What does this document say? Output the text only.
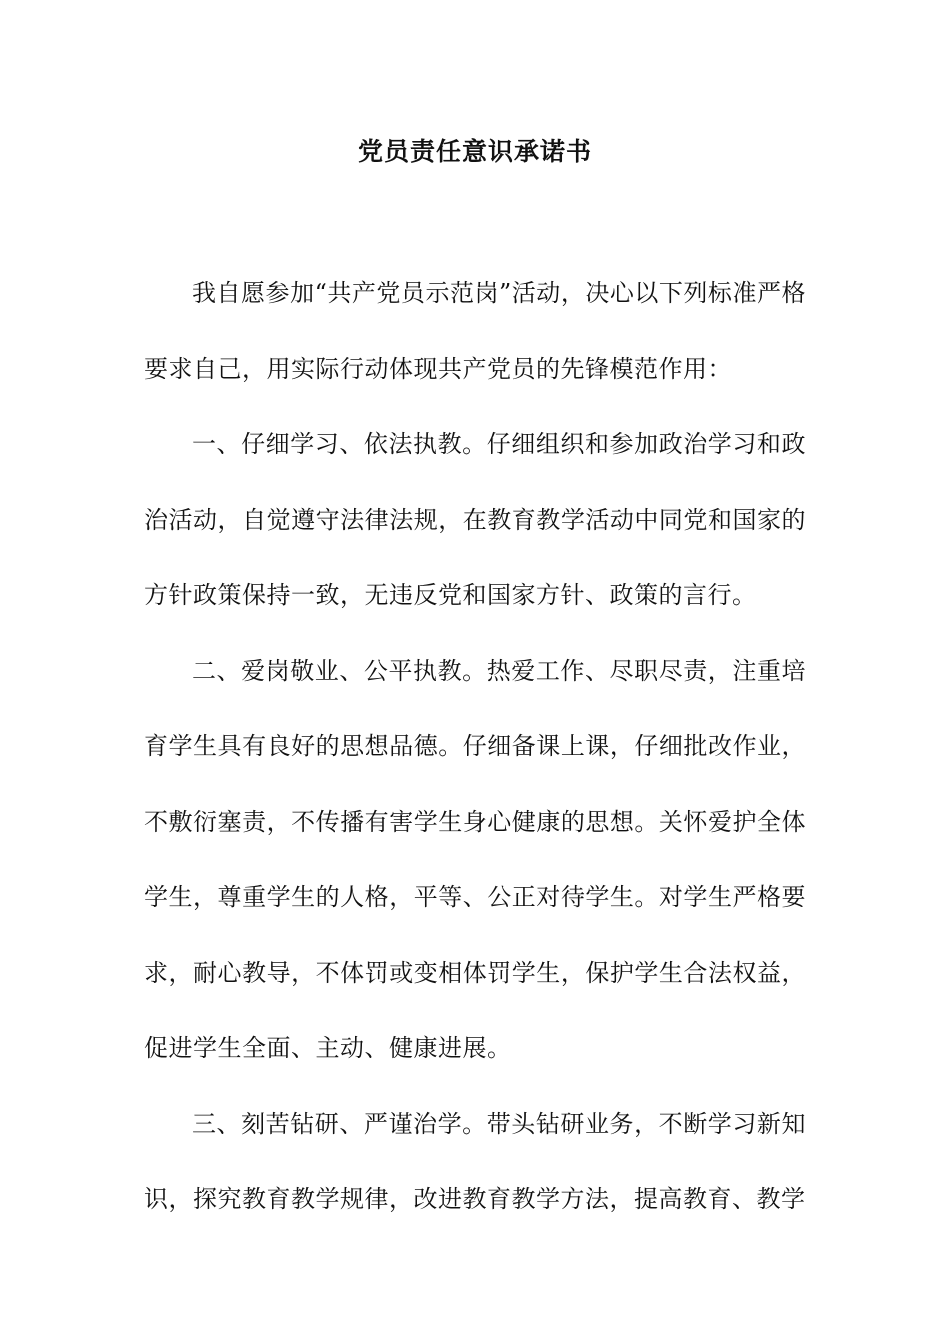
党员责任意识承诺书

我自愿参加“共产党员示范岗”活动，决心以下列标准严格要求自己，用实际行动体现共产党员的先锋模范作用：

一、仔细学习、依法执教。仔细组织和参加政治学习和政治活动，自觉遵守法律法规，在教育教学活动中同党和国家的方针政策保持一致，无违反党和国家方针、政策的言行。

二、爱岗敬业、公平执教。热爱工作、尽职尽责，注重培育学生具有良好的思想品德。仔细备课上课，仔细批改作业，不敷衍塞责，不传播有害学生身心健康的思想。关怀爱护全体学生，尊重学生的人格，平等、公正对待学生。对学生严格要求，耐心教导，不体罚或变相体罚学生，保护学生合法权益，促进学生全面、主动、健康进展。

三、刻苦钻研、严谨治学。带头钻研业务，不断学习新知识，探究教育教学规律，改进教育教学方法，提高教育、教学
